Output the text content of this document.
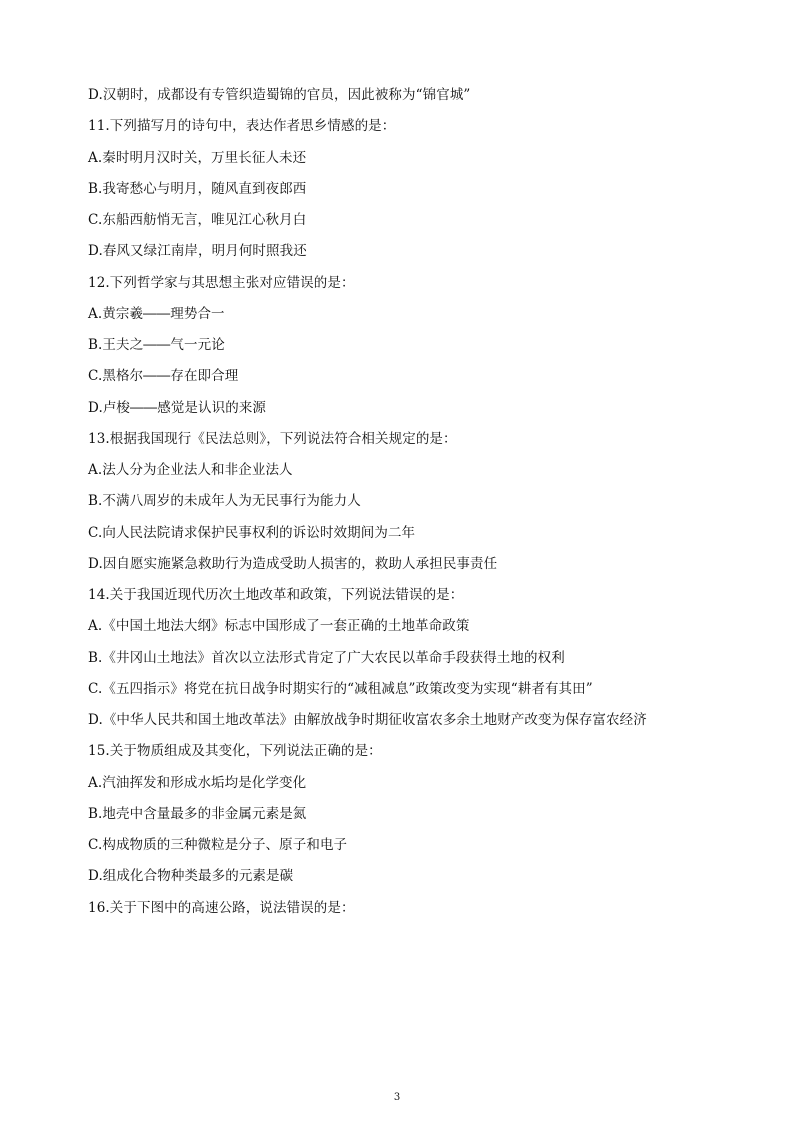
D.汉朝时，成都设有专管织造蜀锦的官员，因此被称为“锦官城”
11.下列描写月的诗句中，表达作者思乡情感的是：
A.秦时明月汉时关，万里长征人未还
B.我寄愁心与明月，随风直到夜郎西
C.东船西舫悄无言，唯见江心秋月白
D.春风又绿江南岸，明月何时照我还
12.下列哲学家与其思想主张对应错误的是：
A.黄宗羲――理势合一
B.王夫之――气一元论
C.黑格尔――存在即合理
D.卢梭――感觉是认识的来源
13.根据我国现行《民法总则》，下列说法符合相关规定的是：
A.法人分为企业法人和非企业法人
B.不满八周岁的未成年人为无民事行为能力人
C.向人民法院请求保护民事权利的诉讼时效期间为二年
D.因自愿实施紧急救助行为造成受助人损害的，救助人承担民事责任
14.关于我国近现代历次土地改革和政策，下列说法错误的是：
A.《中国土地法大纲》标志中国形成了一套正确的土地革命政策
B.《井冈山土地法》首次以立法形式肯定了广大农民以革命手段获得土地的权利
C.《五四指示》将党在抗日战争时期实行的“减租减息”政策改变为实现“耕者有其田”
D.《中华人民共和国土地改革法》由解放战争时期征收富农多余土地财产改变为保存富农经济
15.关于物质组成及其变化，下列说法正确的是：
A.汽油挥发和形成水垢均是化学变化
B.地壳中含量最多的非金属元素是氮
C.构成物质的三种微粒是分子、原子和电子
D.组成化合物种类最多的元素是碳
16.关于下图中的高速公路，说法错误的是：
3
